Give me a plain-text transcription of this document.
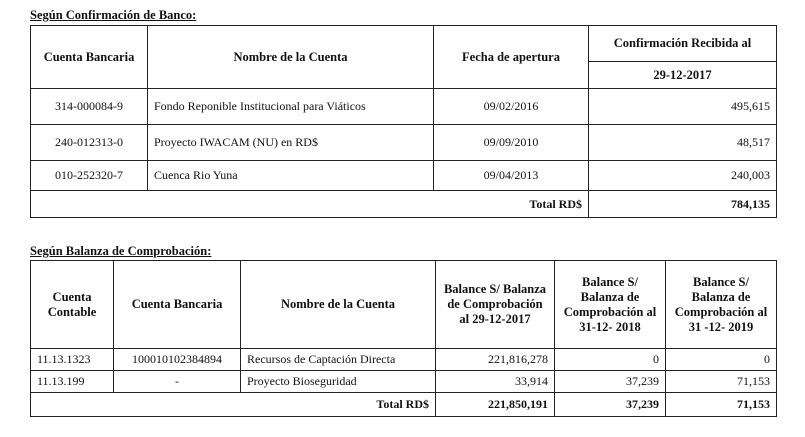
Según Confirmación de Banco:
Cuenta Bancaria	Nombre de la Cuenta	Fecha de apertura	Confirmación Recibida al
			29-12-2017
314-000084-9	Fondo Reponible Institucional para Viáticos	09/02/2016	495,615
240-012313-0	Proyecto IWACAM (NU) en RD$	09/09/2010	48,517
010-252320-7	Cuenca Rio Yuna	09/04/2013	240,003
Total RD$			784,135
Según Balanza de Comprobación:
Cuenta Contable	Cuenta Bancaria	Nombre de la Cuenta	Balance S/ Balanza de Comprobación al 29-12-2017	Balance S/ Balanza de Comprobación al 31-12- 2018	Balance S/ Balanza de Comprobación al 31 -12- 2019
11.13.1323	100010102384894	Recursos de Captación Directa	221,816,278	0	0
11.13.199	-	Proyecto Bioseguridad	33,914	37,239	71,153
Total RD$			221,850,191	37,239	71,153
